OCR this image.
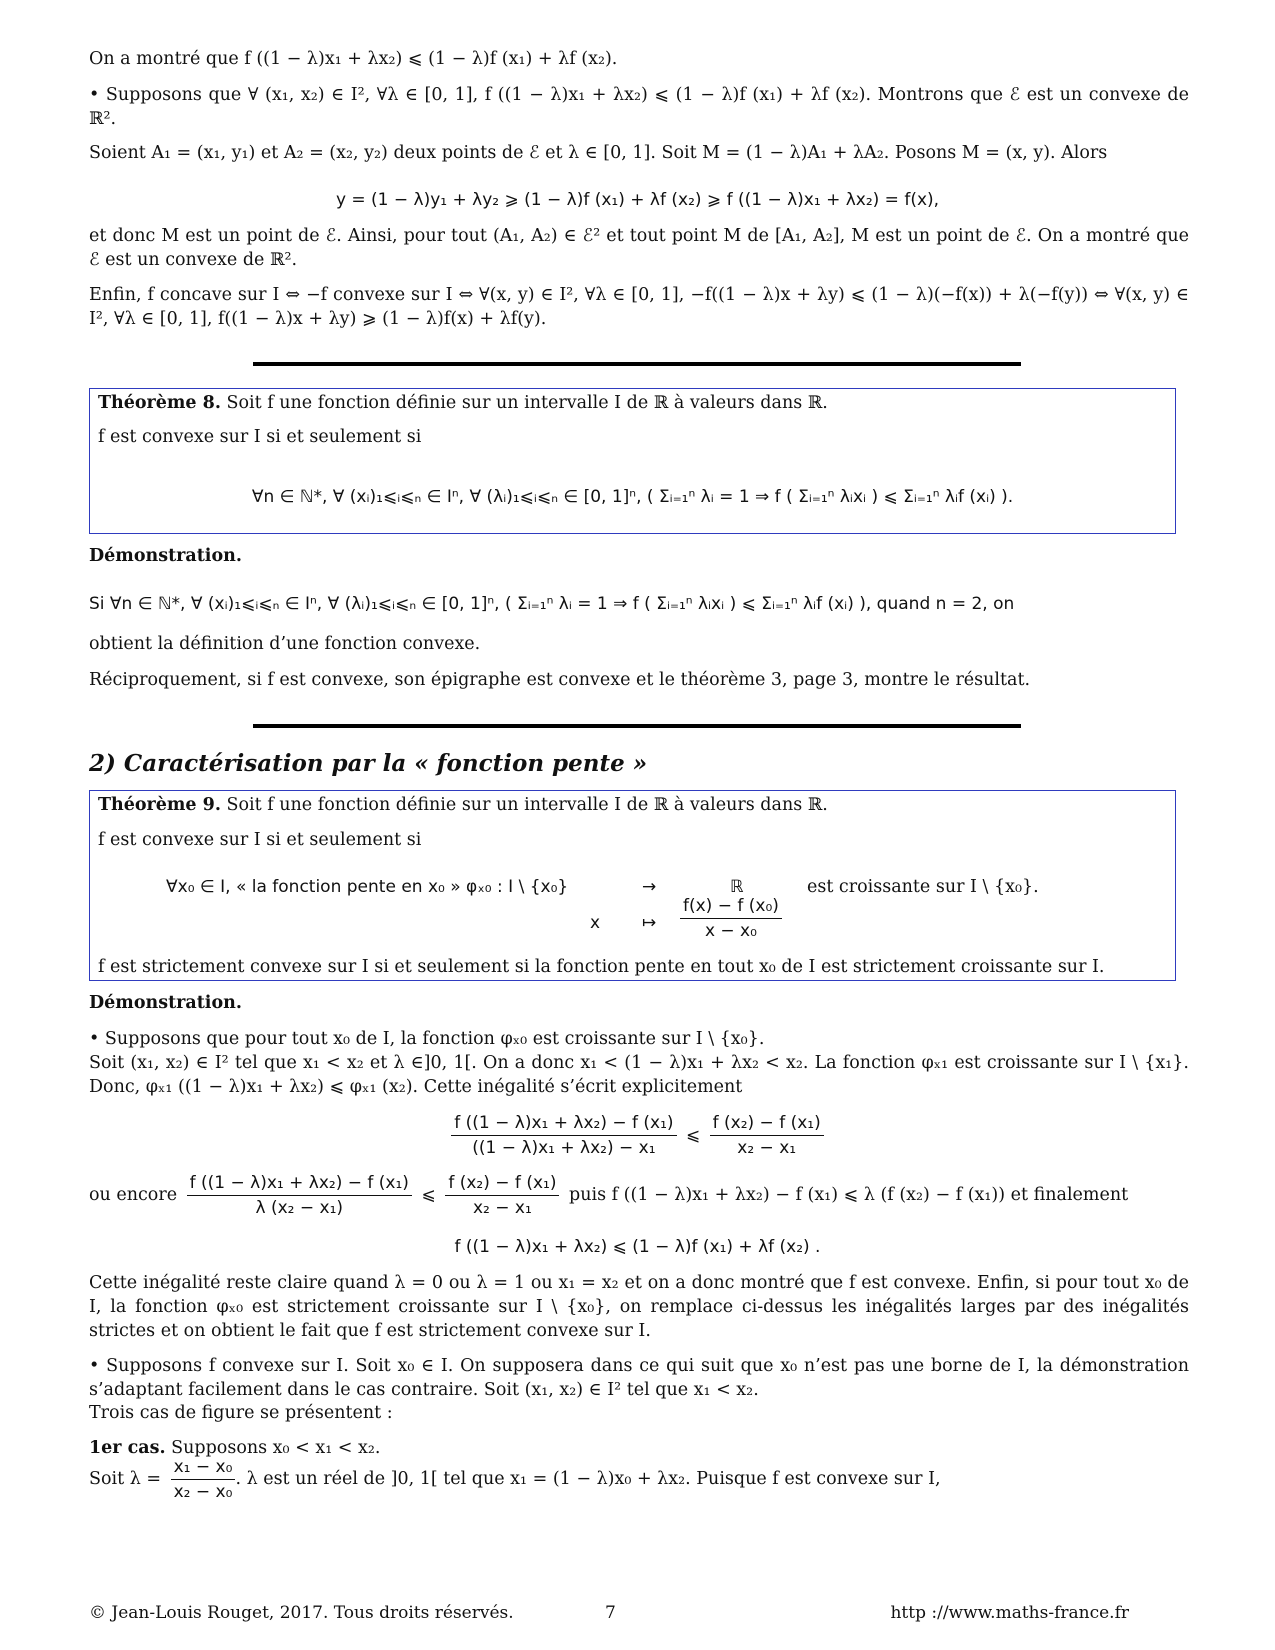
On a montré que f ((1 − λ)x₁ + λx₂) ⩽ (1 − λ)f (x₁) + λf (x₂).
• Supposons que ∀ (x₁, x₂) ∈ I², ∀λ ∈ [0, 1], f ((1 − λ)x₁ + λx₂) ⩽ (1 − λ)f (x₁) + λf (x₂). Montrons que ℰ est un convexe de ℝ².
Soient A₁ = (x₁, y₁) et A₂ = (x₂, y₂) deux points de ℰ et λ ∈ [0, 1]. Soit M = (1 − λ)A₁ + λA₂. Posons M = (x, y). Alors
y = (1 − λ)y₁ + λy₂ ⩾ (1 − λ)f (x₁) + λf (x₂) ⩾ f ((1 − λ)x₁ + λx₂) = f(x),
et donc M est un point de ℰ. Ainsi, pour tout (A₁, A₂) ∈ ℰ² et tout point M de [A₁, A₂], M est un point de ℰ. On a montré que ℰ est un convexe de ℝ².
Enfin, f concave sur I ⇔ −f convexe sur I ⇔ ∀(x, y) ∈ I², ∀λ ∈ [0, 1], −f((1 − λ)x + λy) ⩽ (1 − λ)(−f(x)) + λ(−f(y)) ⇔ ∀(x, y) ∈ I², ∀λ ∈ [0, 1], f((1 − λ)x + λy) ⩾ (1 − λ)f(x) + λf(y).
Théorème 8. Soit f une fonction définie sur un intervalle I de ℝ à valeurs dans ℝ.
f est convexe sur I si et seulement si
∀n ∈ ℕ*, ∀ (xᵢ)₁⩽ᵢ⩽ₙ ∈ Iⁿ, ∀ (λᵢ)₁⩽ᵢ⩽ₙ ∈ [0, 1]ⁿ, ( Σᵢ₌₁ⁿ λᵢ = 1 ⇒ f ( Σᵢ₌₁ⁿ λᵢxᵢ ) ⩽ Σᵢ₌₁ⁿ λᵢf (xᵢ) ).
Démonstration.
Si ∀n ∈ ℕ*, ∀ (xᵢ)₁⩽ᵢ⩽ₙ ∈ Iⁿ, ∀ (λᵢ)₁⩽ᵢ⩽ₙ ∈ [0, 1]ⁿ, ( Σᵢ₌₁ⁿ λᵢ = 1 ⇒ f ( Σᵢ₌₁ⁿ λᵢxᵢ ) ⩽ Σᵢ₌₁ⁿ λᵢf (xᵢ) ), quand n = 2, on
obtient la définition d’une fonction convexe.
Réciproquement, si f est convexe, son épigraphe est convexe et le théorème 3, page 3, montre le résultat.
2) Caractérisation par la « fonction pente »
Théorème 9. Soit f une fonction définie sur un intervalle I de ℝ à valeurs dans ℝ.
f est convexe sur I si et seulement si
∀x₀ ∈ I, « la fonction pente en x₀ » φₓ₀ : I \ {x₀}	→	ℝ	est croissante sur I \ {x₀}.
x	↦	$\frac{\text{f(x) − f (x₀)}}{\text{x − x₀}}$
f est strictement convexe sur I si et seulement si la fonction pente en tout x₀ de I est strictement croissante sur I.
Démonstration.
• Supposons que pour tout x₀ de I, la fonction φₓ₀ est croissante sur I \ {x₀}.
Soit (x₁, x₂) ∈ I² tel que x₁ < x₂ et λ ∈]0, 1[. On a donc x₁ < (1 − λ)x₁ + λx₂ < x₂. La fonction φₓ₁ est croissante sur I \ {x₁}. Donc, φₓ₁ ((1 − λ)x₁ + λx₂) ⩽ φₓ₁ (x₂). Cette inégalité s’écrit explicitement
$\frac{\text{f ((1 − λ)x₁ + λx₂) − f (x₁)}}{\text{((1 − λ)x₁ + λx₂) − x₁}}$ ⩽ $\frac{\text{f (x₂) − f (x₁)}}{\text{x₂ − x₁}}$
ou encore $\frac{\text{f ((1 − λ)x₁ + λx₂) − f (x₁)}}{\text{λ (x₂ − x₁)}}$ ⩽ $\frac{\text{f (x₂) − f (x₁)}}{\text{x₂ − x₁}}$ puis f ((1 − λ)x₁ + λx₂) − f (x₁) ⩽ λ (f (x₂) − f (x₁)) et finalement
f ((1 − λ)x₁ + λx₂) ⩽ (1 − λ)f (x₁) + λf (x₂) .
Cette inégalité reste claire quand λ = 0 ou λ = 1 ou x₁ = x₂ et on a donc montré que f est convexe. Enfin, si pour tout x₀ de I, la fonction φₓ₀ est strictement croissante sur I \ {x₀}, on remplace ci-dessus les inégalités larges par des inégalités strictes et on obtient le fait que f est strictement convexe sur I.
• Supposons f convexe sur I. Soit x₀ ∈ I. On supposera dans ce qui suit que x₀ n’est pas une borne de I, la démonstration s’adaptant facilement dans le cas contraire. Soit (x₁, x₂) ∈ I² tel que x₁ < x₂.
Trois cas de figure se présentent :
1er cas. Supposons x₀ < x₁ < x₂.
Soit $\lambda = \frac{\text{x₁ − x₀}}{\text{x₂ − x₀}}$ . λ est un réel de ]0, 1[ tel que x₁ = (1 − λ)x₀ + λx₂. Puisque f est convexe sur I,
© Jean-Louis Rouget, 2017. Tous droits réservés.	7	http ://www.maths-france.fr
